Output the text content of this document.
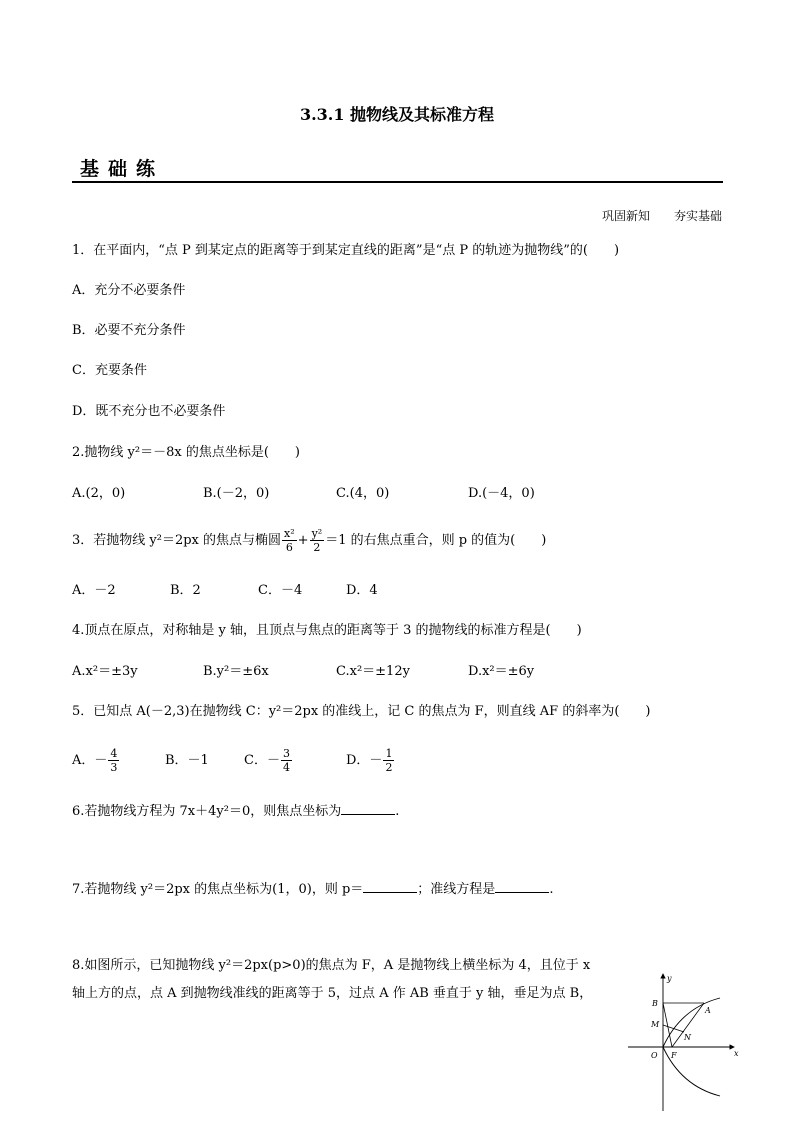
3.3.1 抛物线及其标准方程
基础练
巩固新知 夯实基础
1．在平面内，“点 P 到某定点的距离等于到某定直线的距离”是“点 P 的轨迹为抛物线”的(　　)
A．充分不必要条件
B．必要不充分条件
C．充要条件
D．既不充分也不必要条件
2.抛物线 y²＝－8x 的焦点坐标是(　　)
A.(2，0)	B.(－2，0)	C.(4，0)	D.(－4，0)
3．若抛物线 y²＝2px 的焦点与椭圆 $\frac{\text{x²}}{6} + \frac{\text{y²}}{2} =1$ 的右焦点重合，则 p 的值为(　　)
A．－2	B．2	C．－4	D．4
4.顶点在原点，对称轴是 y 轴，且顶点与焦点的距离等于 3 的抛物线的标准方程是(　　)
A.x²＝±3y	B.y²＝±6x	C.x²＝±12y	D.x²＝±6y
5．已知点 A(－2,3)在抛物线 C：y²＝2px 的准线上，记 C 的焦点为 F，则直线 AF 的斜率为(　　)
A．－ $\frac{4}{3}$	B．－1	C．－ $\frac{3}{4}$	D．－ $\frac{1}{2}$
6.若抛物线方程为 7x＋4y²＝0，则焦点坐标为	.
7.若抛物线 y²＝2px 的焦点坐标为(1，0)，则 p＝	；准线方程是	.
8.如图所示，已知抛物线 y²＝2px(p>0)的焦点为 F，A 是抛物线上横坐标为 4，且位于 x
轴上方的点，点 A 到抛物线准线的距离等于 5，过点 A 作 AB 垂直于 y 轴，垂足为点 B，
y
x
O F
B
A
M
N
